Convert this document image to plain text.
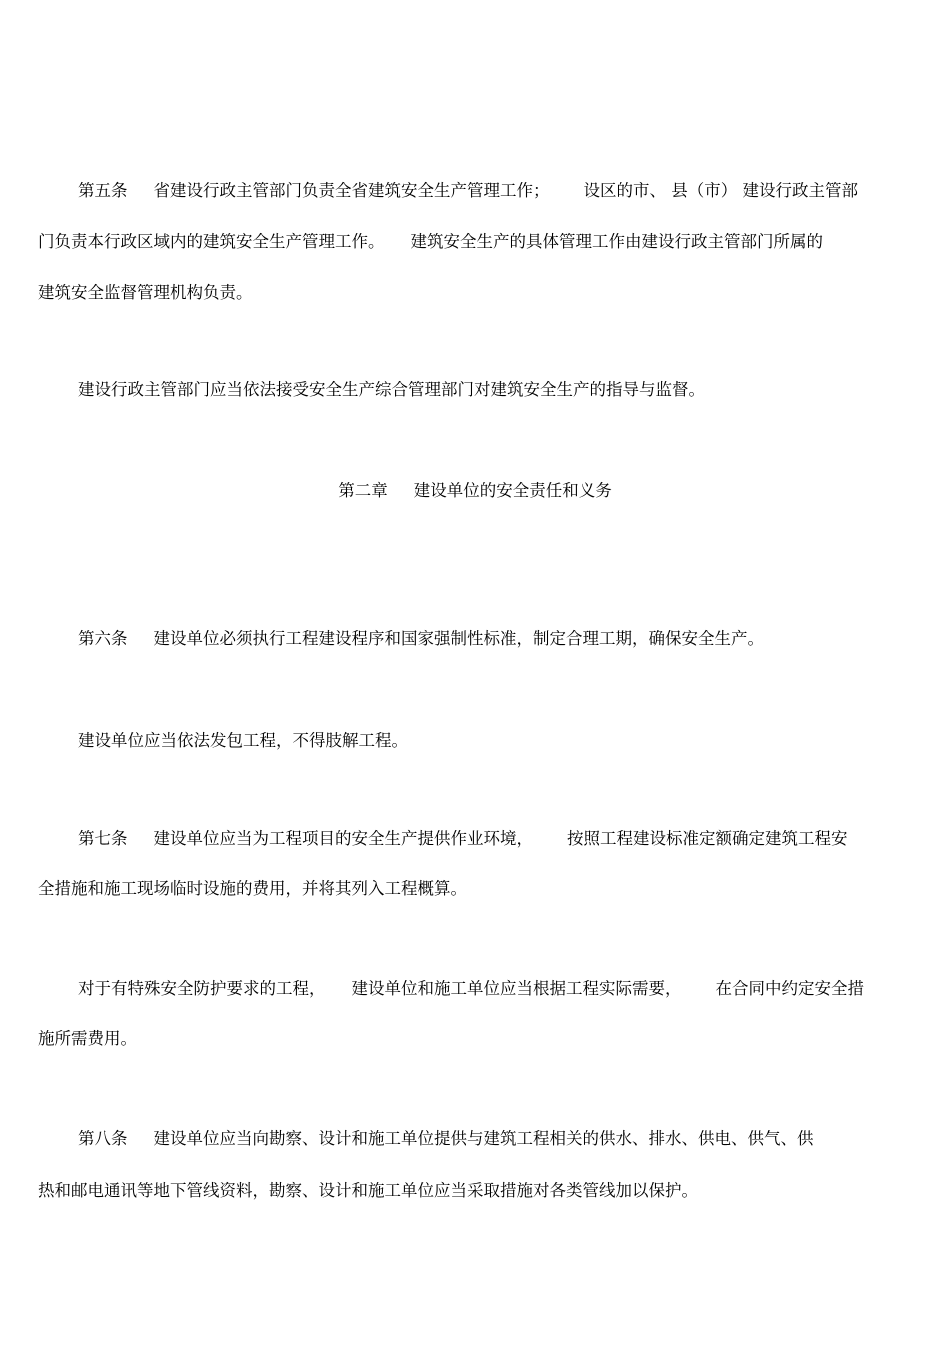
第五条 省建设行政主管部门负责全省建筑安全生产管理工作； 设区的市、 县（市） 建设行政主管部
门负责本行政区域内的建筑安全生产管理工作。 建筑安全生产的具体管理工作由建设行政主管部门所属的
建筑安全监督管理机构负责。
建设行政主管部门应当依法接受安全生产综合管理部门对建筑安全生产的指导与监督。
第二章 建设单位的安全责任和义务
第六条 建设单位必须执行工程建设程序和国家强制性标准，制定合理工期，确保安全生产。
建设单位应当依法发包工程，不得肢解工程。
第七条 建设单位应当为工程项目的安全生产提供作业环境， 按照工程建设标准定额确定建筑工程安
全措施和施工现场临时设施的费用，并将其列入工程概算。
对于有特殊安全防护要求的工程， 建设单位和施工单位应当根据工程实际需要， 在合同中约定安全措
施所需费用。
第八条 建设单位应当向勘察、设计和施工单位提供与建筑工程相关的供水、排水、供电、供气、供
热和邮电通讯等地下管线资料，勘察、设计和施工单位应当采取措施对各类管线加以保护。
